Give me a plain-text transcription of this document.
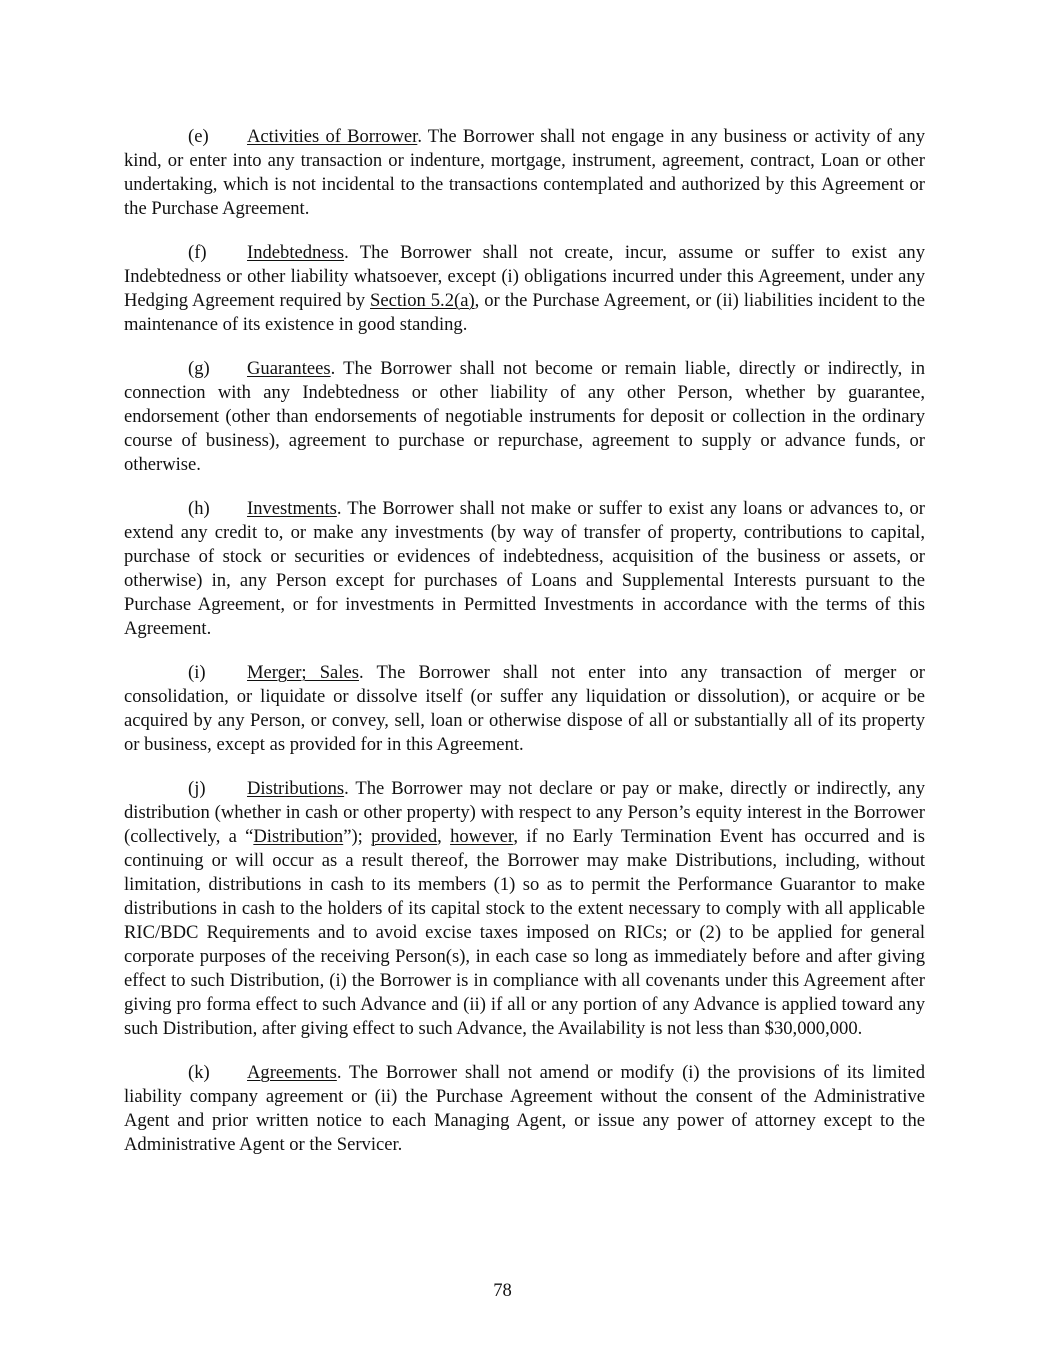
(e) Activities of Borrower. The Borrower shall not engage in any business or activity of any kind, or enter into any transaction or indenture, mortgage, instrument, agreement, contract, Loan or other undertaking, which is not incidental to the transactions contemplated and authorized by this Agreement or the Purchase Agreement.

(f) Indebtedness. The Borrower shall not create, incur, assume or suffer to exist any Indebtedness or other liability whatsoever, except (i) obligations incurred under this Agreement, under any Hedging Agreement required by Section 5.2(a), or the Purchase Agreement, or (ii) liabilities incident to the maintenance of its existence in good standing.

(g) Guarantees. The Borrower shall not become or remain liable, directly or indirectly, in connection with any Indebtedness or other liability of any other Person, whether by guarantee, endorsement (other than endorsements of negotiable instruments for deposit or collection in the ordinary course of business), agreement to purchase or repurchase, agreement to supply or advance funds, or otherwise.

(h) Investments. The Borrower shall not make or suffer to exist any loans or advances to, or extend any credit to, or make any investments (by way of transfer of property, contributions to capital, purchase of stock or securities or evidences of indebtedness, acquisition of the business or assets, or otherwise) in, any Person except for purchases of Loans and Supplemental Interests pursuant to the Purchase Agreement, or for investments in Permitted Investments in accordance with the terms of this Agreement.

(i) Merger; Sales. The Borrower shall not enter into any transaction of merger or consolidation, or liquidate or dissolve itself (or suffer any liquidation or dissolution), or acquire or be acquired by any Person, or convey, sell, loan or otherwise dispose of all or substantially all of its property or business, except as provided for in this Agreement.

(j) Distributions. The Borrower may not declare or pay or make, directly or indirectly, any distribution (whether in cash or other property) with respect to any Person’s equity interest in the Borrower (collectively, a “Distribution”); provided, however, if no Early Termination Event has occurred and is continuing or will occur as a result thereof, the Borrower may make Distributions, including, without limitation, distributions in cash to its members (1) so as to permit the Performance Guarantor to make distributions in cash to the holders of its capital stock to the extent necessary to comply with all applicable RIC/BDC Requirements and to avoid excise taxes imposed on RICs; or (2) to be applied for general corporate purposes of the receiving Person(s), in each case so long as immediately before and after giving effect to such Distribution, (i) the Borrower is in compliance with all covenants under this Agreement after giving pro forma effect to such Advance and (ii) if all or any portion of any Advance is applied toward any such Distribution, after giving effect to such Advance, the Availability is not less than $30,000,000.

(k) Agreements. The Borrower shall not amend or modify (i) the provisions of its limited liability company agreement or (ii) the Purchase Agreement without the consent of the Administrative Agent and prior written notice to each Managing Agent, or issue any power of attorney except to the Administrative Agent or the Servicer.

78
